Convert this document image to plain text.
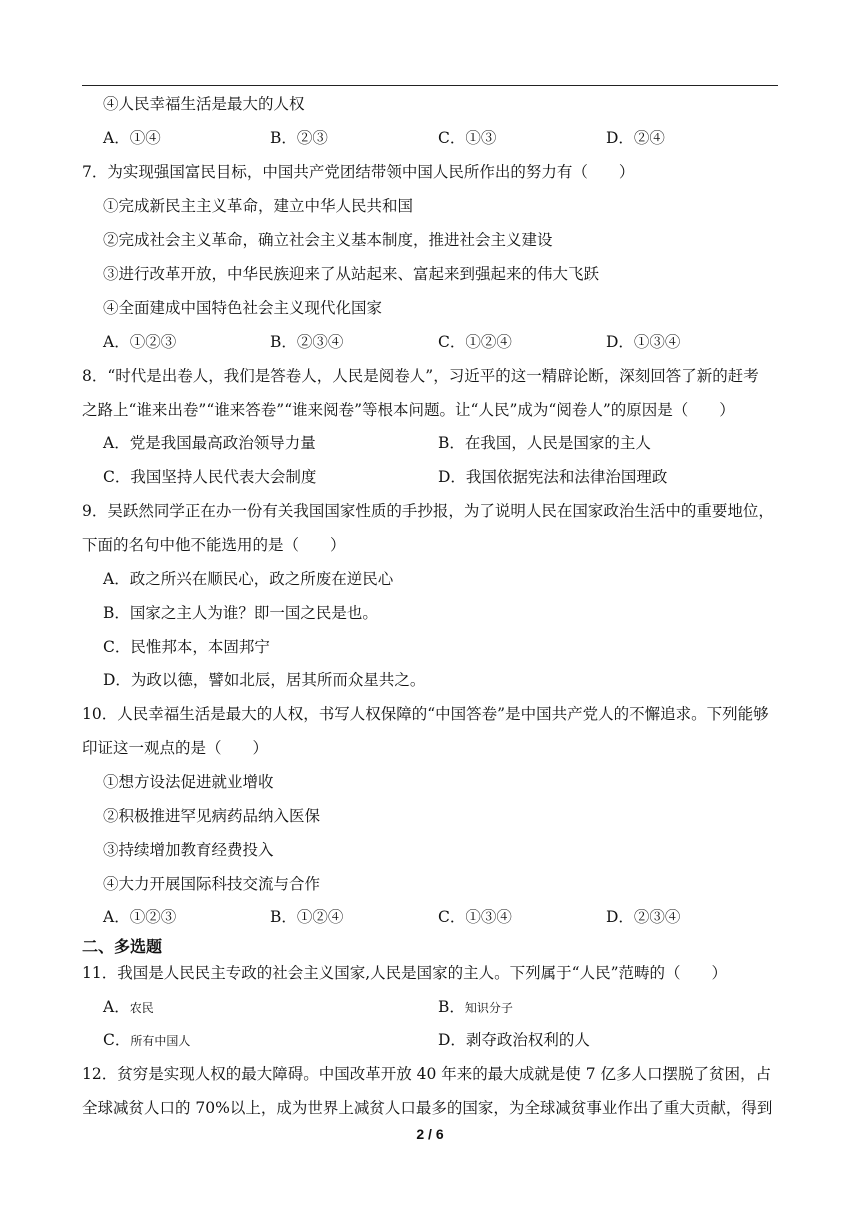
④人民幸福生活是最大的人权
A．①④	B．②③	C．①③	D．②④
7．为实现强国富民目标，中国共产党团结带领中国人民所作出的努力有（　　）
①完成新民主主义革命，建立中华人民共和国
②完成社会主义革命，确立社会主义基本制度，推进社会主义建设
③进行改革开放，中华民族迎来了从站起来、富起来到强起来的伟大飞跃
④全面建成中国特色社会主义现代化国家
A．①②③	B．②③④	C．①②④	D．①③④
8．“时代是出卷人，我们是答卷人，人民是阅卷人”，习近平的这一精辟论断，深刻回答了新的赶考
之路上“谁来出卷”“谁来答卷”“谁来阅卷”等根本问题。让“人民”成为“阅卷人”的原因是（　　）
A．党是我国最高政治领导力量	B．在我国，人民是国家的主人
C．我国坚持人民代表大会制度	D．我国依据宪法和法律治国理政
9．吴跃然同学正在办一份有关我国国家性质的手抄报，为了说明人民在国家政治生活中的重要地位，
下面的名句中他不能选用的是（　　）
A．政之所兴在顺民心，政之所废在逆民心
B．国家之主人为谁？即一国之民是也。
C．民惟邦本，本固邦宁
D．为政以德，譬如北辰，居其所而众星共之。
10．人民幸福生活是最大的人权，书写人权保障的“中国答卷”是中国共产党人的不懈追求。下列能够
印证这一观点的是（　　）
①想方设法促进就业增收
②积极推进罕见病药品纳入医保
③持续增加教育经费投入
④大力开展国际科技交流与合作
A．①②③	B．①②④	C．①③④	D．②③④
二、多选题
11．我国是人民民主专政的社会主义国家,人民是国家的主人。下列属于“人民”范畴的（　　）
A．农民	B．知识分子
C．所有中国人	D．剥夺政治权利的人
12．贫穷是实现人权的最大障碍。中国改革开放 40 年来的最大成就是使 7 亿多人口摆脱了贫困，占
全球减贫人口的 70%以上，成为世界上减贫人口最多的国家，为全球减贫事业作出了重大贡献，得到
2 / 6
